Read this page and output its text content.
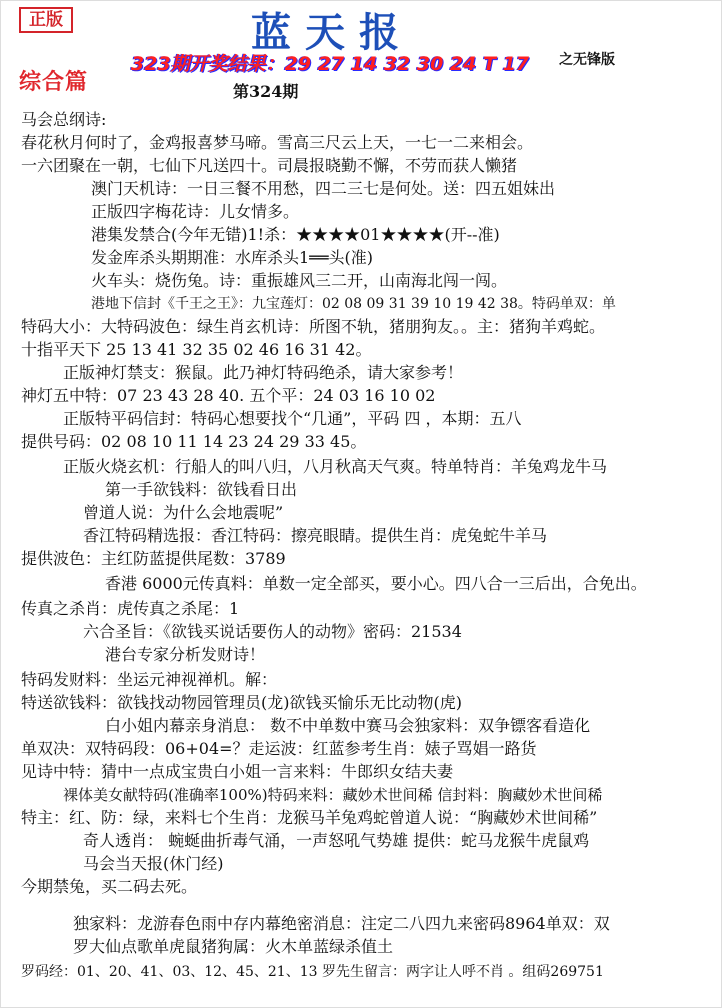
正版	蓝天报
323期开奖结果：29 27 14 32 30 24 T 17 之无锋版
综合篇	第324期
马会总纲诗:
春花秋月何时了，金鸡报喜梦马啼。雪高三尺云上天，一七一二来相会。
一六团聚在一朝，七仙下凡送四十。司晨报晓勤不懈，不劳而获人懒猪
澳门天机诗：一日三餐不用愁，四二三七是何处。送：四五姐妹出
正版四字梅花诗：儿女情多。
港集发禁合(今年无错)1!杀：★★★★01★★★★(开--准)
发金库杀头期期准：水库杀头1══头(准)
火车头：烧伤兔。诗：重振雄风三二开，山南海北闯一闯。
港地下信封《千王之王》：九宝莲灯：02 08 09 31 39 10 19 42 38。特码单双：单
特码大小：大特码波色：绿生肖玄机诗：所图不轨，猪朋狗友。。主：猪狗羊鸡蛇。
十指平天下 25 13 41 32 35 02 46 16 31 42。
正版神灯禁支：猴鼠。此乃神灯特码绝杀，请大家参考！
神灯五中特：07 23 43 28 40. 五个平：24 03 16 10 02
正版特平码信封：特码心想要找个“几通”，平码 四 ，本期：五八
提供号码：02 08 10 11 14 23 24 29 33 45。
正版火烧玄机：行船人的叫八归，八月秋高天气爽。特单特肖：羊兔鸡龙牛马
第一手欲钱料：欲钱看日出
曾道人说：为什么会地震呢”
香江特码精选报：香江特码：擦亮眼睛。提供生肖：虎兔蛇牛羊马
提供波色：主红防蓝提供尾数：3789
香港 6000元传真料：单数一定全部买，要小心。四八合一三后出，合免出。
传真之杀肖：虎传真之杀尾：1
六合圣旨：《欲钱买说话要伤人的动物》密码：21534
港台专家分析发财诗！
特码发财料：坐运元神视禅机。解：
特送欲钱料：欲钱找动物园管理员(龙)欲钱买愉乐无比动物(虎)
白小姐内幕亲身消息： 数不中单数中赛马会独家料：双争镖客看造化
单双决：双特码段：06+04=？走运波：红蓝参考生肖：婊子骂娼一路货
见诗中特：猜中一点成宝贵白小姐一言来料：牛郎织女结夫妻
裸体美女献特码(准确率100%)特码来料：藏妙术世间稀 信封料：胸藏妙术世间稀
特主：红、防：绿，来料七个生肖：龙猴马羊兔鸡蛇曾道人说：“胸藏妙术世间稀”
奇人透肖： 蜿蜒曲折毒气涌，一声怒吼气势雄 提供：蛇马龙猴牛虎鼠鸡
马会当天报(休门经)
今期禁兔，买二码去死。
独家料：龙游春色雨中存内幕绝密消息：注定二八四九来密码8964单双：双
罗大仙点歌单虎鼠猪狗属：火木单蓝绿杀值土
罗码经：01、20、41、03、12、45、21、13 罗先生留言：两字让人呼不肖 。组码269751
